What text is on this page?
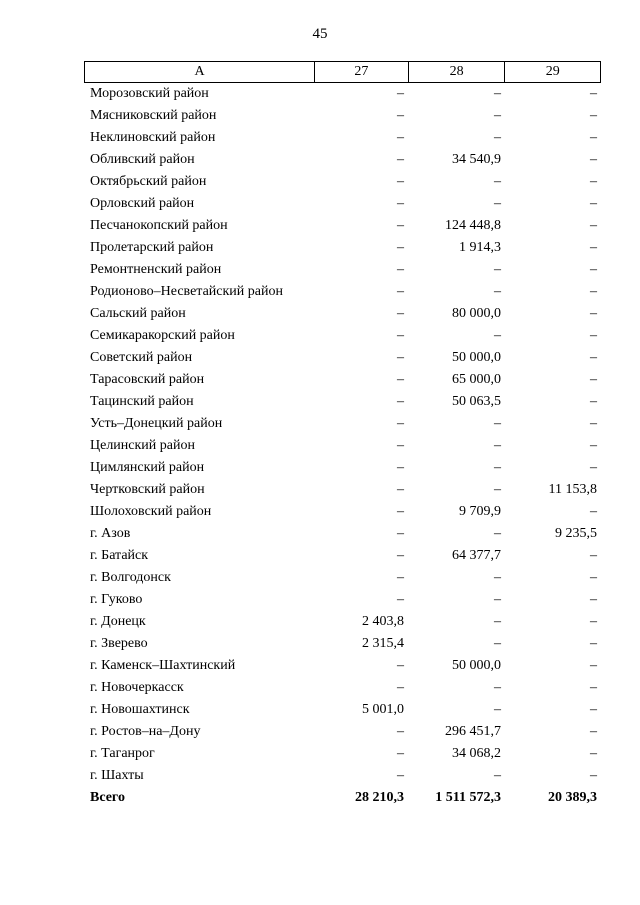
45
А	27	28	29
Морозовский район	–	–	–
Мясниковский район	–	–	–
Неклиновский район	–	–	–
Обливский район	–	34 540,9	–
Октябрьский район	–	–	–
Орловский район	–	–	–
Песчанокопский район	–	124 448,8	–
Пролетарский район	–	1 914,3	–
Ремонтненский район	–	–	–
Родионово–Несветайский район	–	–	–
Сальский район	–	80 000,0	–
Семикаракорский район	–	–	–
Советский район	–	50 000,0	–
Тарасовский район	–	65 000,0	–
Тацинский район	–	50 063,5	–
Усть–Донецкий район	–	–	–
Целинский район	–	–	–
Цимлянский район	–	–	–
Чертковский район	–	–	11 153,8
Шолоховский район	–	9 709,9	–
г. Азов	–	–	9 235,5
г. Батайск	–	64 377,7	–
г. Волгодонск	–	–	–
г. Гуково	–	–	–
г. Донецк	2 403,8	–	–
г. Зверево	2 315,4	–	–
г. Каменск–Шахтинский	–	50 000,0	–
г. Новочеркасск	–	–	–
г. Новошахтинск	5 001,0	–	–
г. Ростов–на–Дону	–	296 451,7	–
г. Таганрог	–	34 068,2	–
г. Шахты	–	–	–
Всего	28 210,3	1 511 572,3	20 389,3
